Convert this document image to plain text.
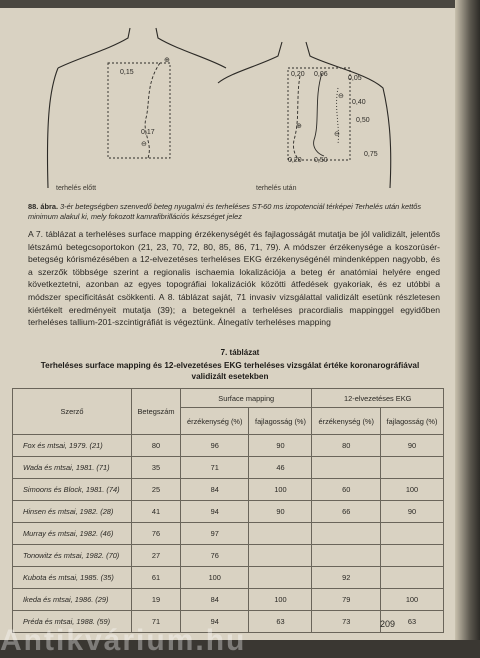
0,15
0,17
⊕
⊖
terhelés előtt
0,20 0,06
0,05
0,40
0,50
0,20 0,50
0,75
⊖
⊕
⊖
terhelés után
88. ábra. 3-ér betegségben szenvedő beteg nyugalmi és terheléses ST-60 ms izopotenciál térképei Terhelés után kettős minimum alakul ki, mely fokozott kamrafibrillációs készséget jelez
A 7. táblázat a terheléses surface mapping érzékenységét és fajlagosságát mutatja be jól validizált, jelentős létszámú betegcsoportokon (21, 23, 70, 72, 80, 85, 86, 71, 79). A módszer érzékenysége a koszorúsér-betegség kórismézésében a 12-elvezetéses terheléses EKG érzékenységénél mindenképpen nagyobb, és a szerzők többsége szerint a regionalis ischaemia lokalizációja a beteg ér anatómiai helyére enged következtetni, azonban az egyes topográfiai lokalizációk közötti átfedések gyakoriak, és ez utóbbi a módszer specificitását csökkenti. A 8. táblázat saját, 71 invasiv vizsgálattal validizált esetünk részletesen kiértékelt eredményeit mutatja (39); a betegeknél a terheléses pracordialis mappinggel egyidőben terheléses tallium-201-szcintigráfiát is végeztünk. Álnegatív terheléses mapping
7. táblázat
Terheléses surface mapping és 12-elvezetéses EKG terheléses vizsgálat értéke koronarográfiával validizált esetekben
Szerző	Betegszám	Surface mapping		12-elvezetéses EKG	
		érzékenység (%)	fajlagosság (%)	érzékenység (%)	fajlagosság (%)
Fox és mtsai, 1979. (21)	80	96	90	80	90
Wada és mtsai, 1981. (71)	35	71	46		
Simoons és Block, 1981. (74)	25	84	100	60	100
Hinsen és mtsai, 1982. (28)	41	94	90	66	90
Murray és mtsai, 1982. (46)	76	97			
Tonowitz és mtsai, 1982. (70)	27	76			
Kubota és mtsai, 1985. (35)	61	100		92	
Ikeda és mtsai, 1986. (29)	19	84	100	79	100
Préda és mtsai, 1988. (59)	71	94	63	73	63
209
Antikvárium.hu
